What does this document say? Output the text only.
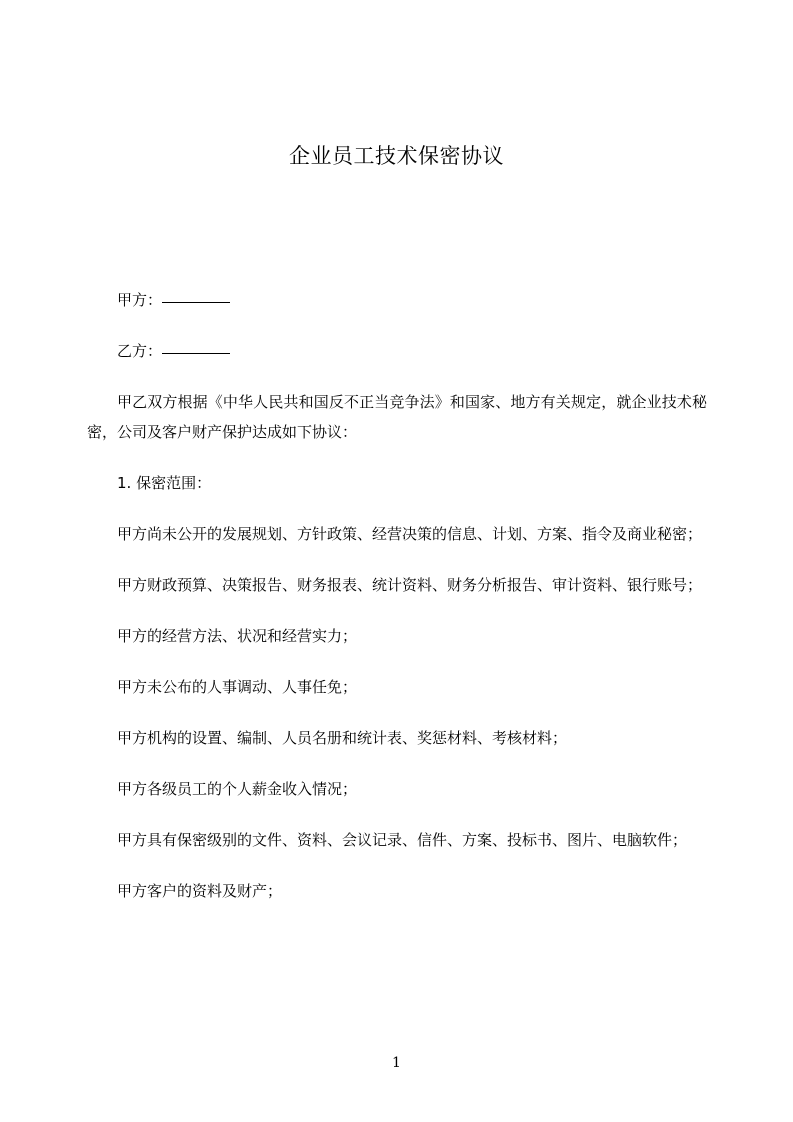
企业员工技术保密协议

甲方：

乙方：

甲乙双方根据《中华人民共和国反不正当竞争法》和国家、地方有关规定，就企业技术秘密，公司及客户财产保护达成如下协议：

1. 保密范围：

甲方尚未公开的发展规划、方针政策、经营决策的信息、计划、方案、指令及商业秘密；

甲方财政预算、决策报告、财务报表、统计资料、财务分析报告、审计资料、银行账号；

甲方的经营方法、状况和经营实力；

甲方未公布的人事调动、人事任免；

甲方机构的设置、编制、人员名册和统计表、奖惩材料、考核材料；

甲方各级员工的个人薪金收入情况；

甲方具有保密级别的文件、资料、会议记录、信件、方案、投标书、图片、电脑软件；

甲方客户的资料及财产；

1
